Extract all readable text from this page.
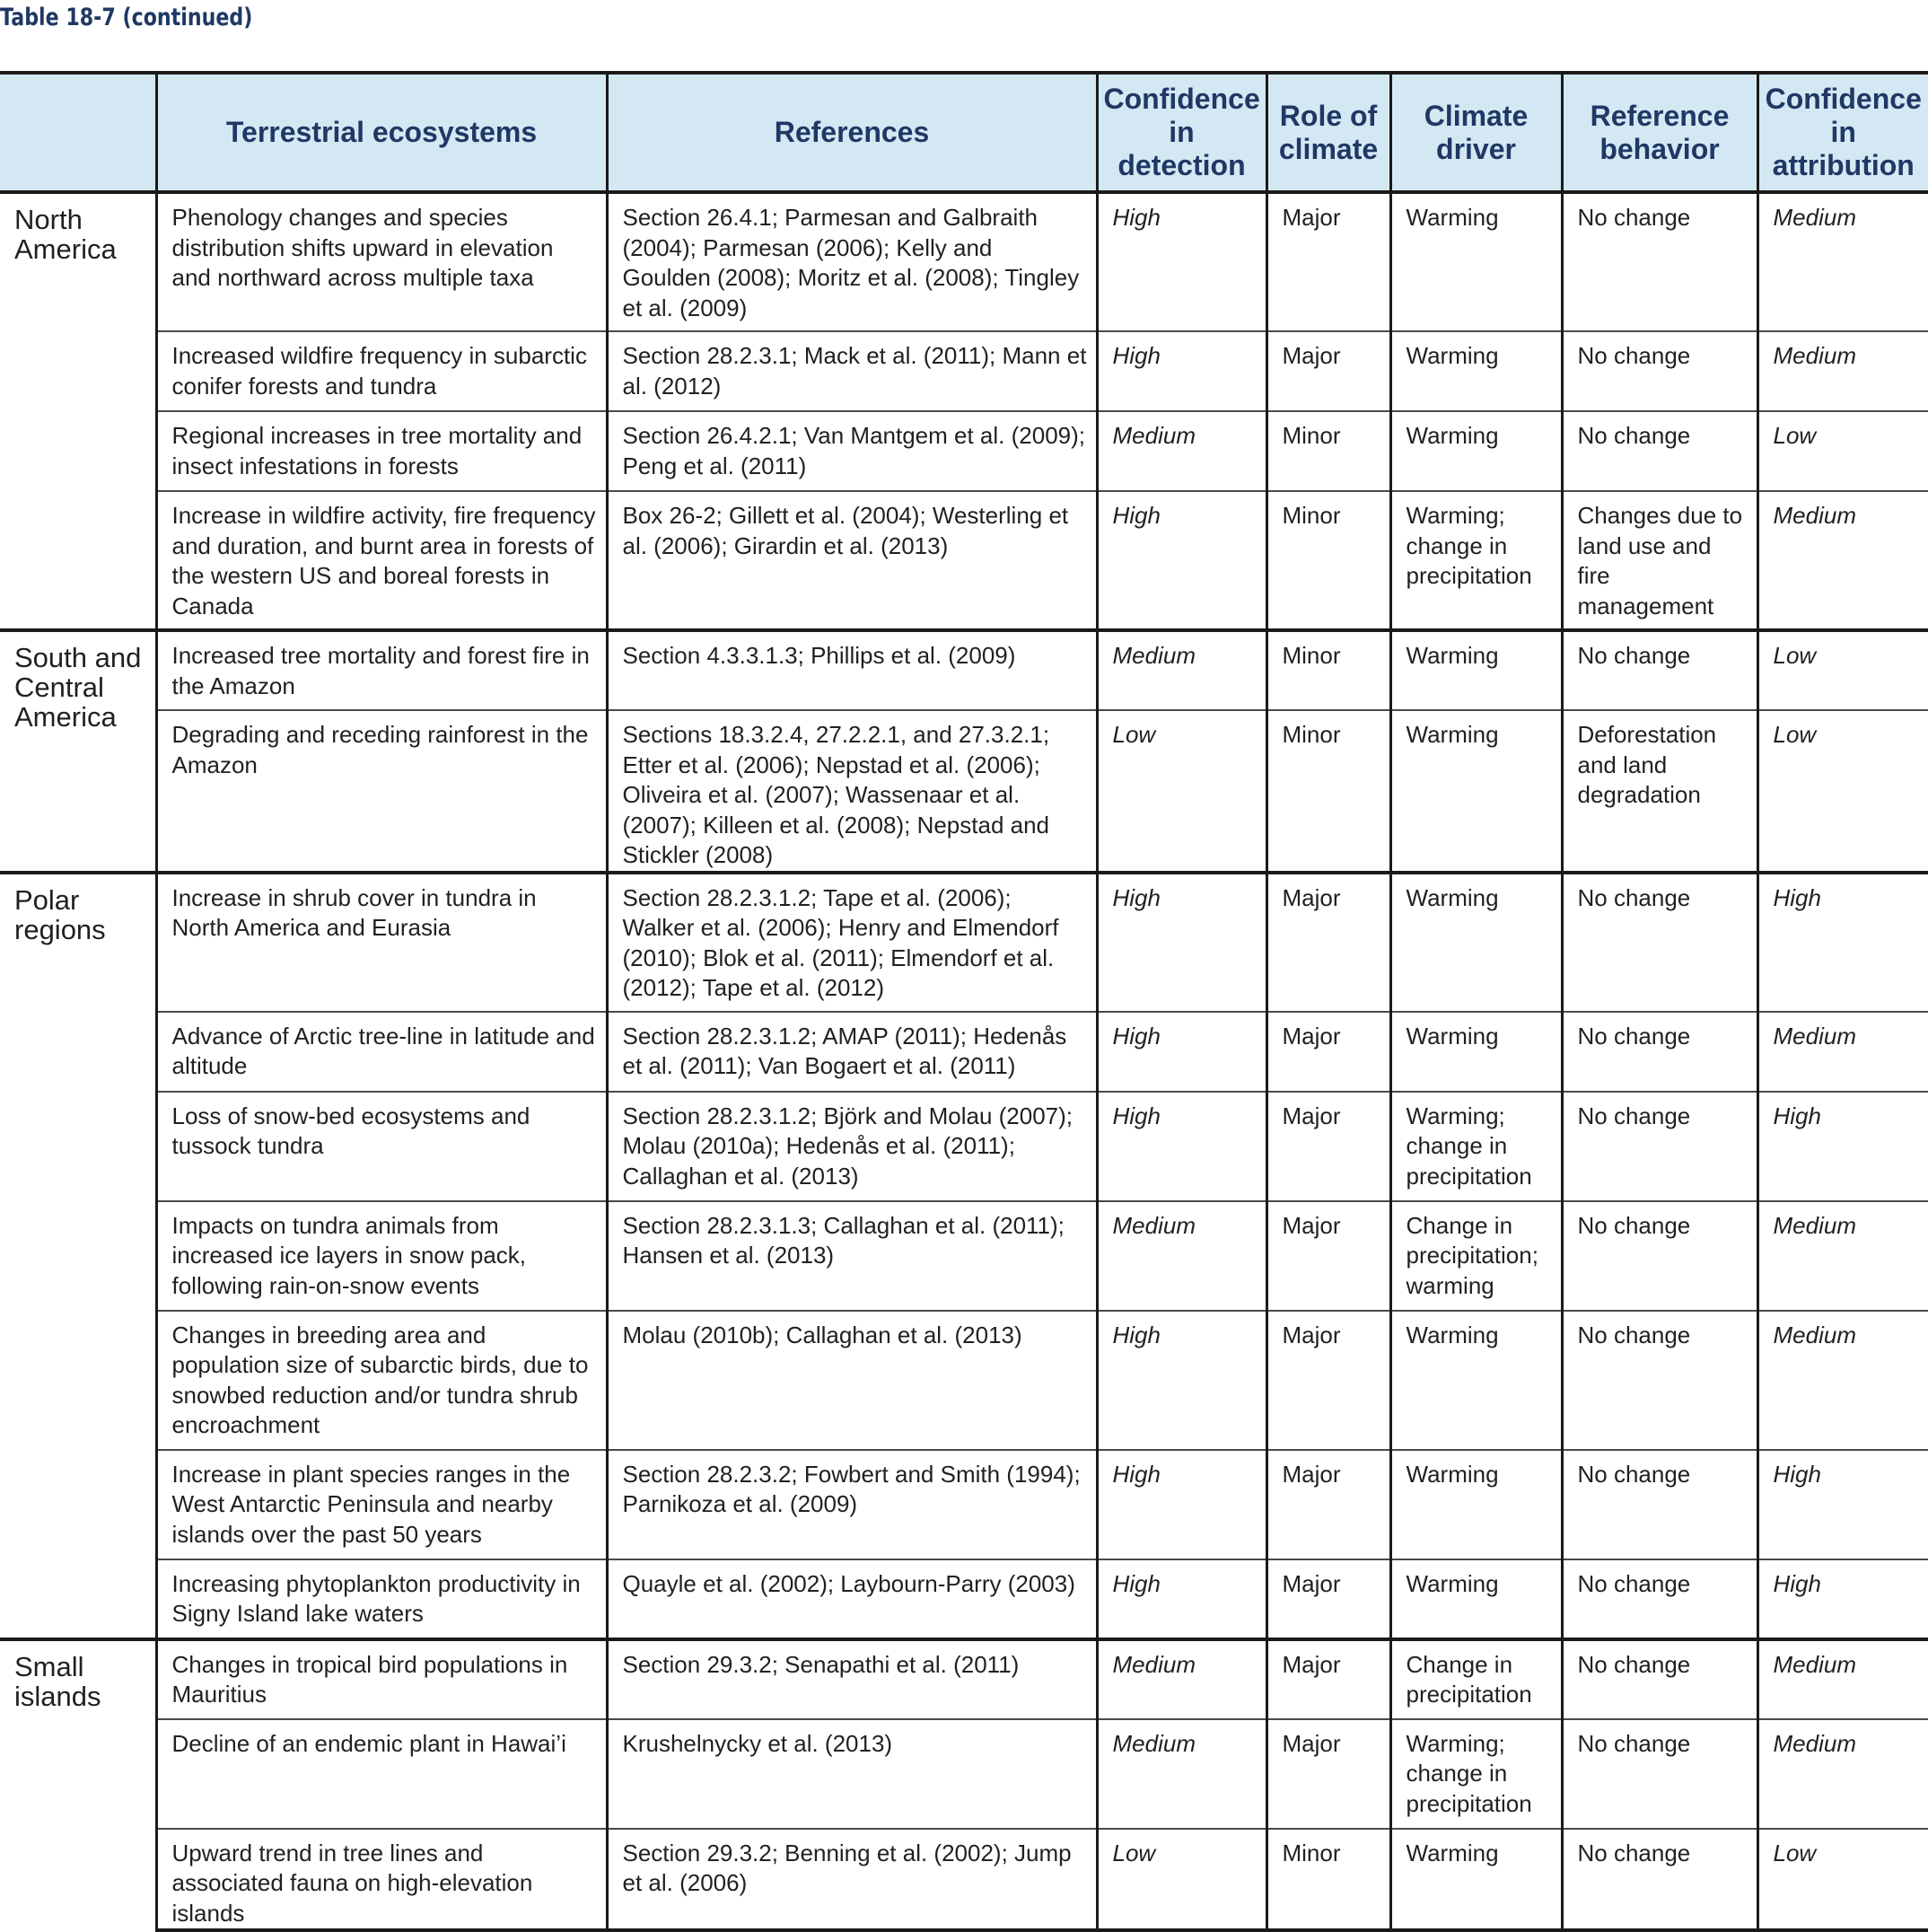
Table 18-7 (continued)
	Terrestrial ecosystems	References	Confidence in detection	Role of climate	Climate driver	Reference behavior	Confidence in attribution
North America	Phenology changes and species distribution shifts upward in elevation and northward across multiple taxa	Section 26.4.1; Parmesan and Galbraith (2004); Parmesan (2006); Kelly and Goulden (2008); Moritz et al. (2008); Tingley et al. (2009)	High	Major	Warming	No change	Medium
	Increased wildfire frequency in subarctic conifer forests and tundra	Section 28.2.3.1; Mack et al. (2011); Mann et al. (2012)	High	Major	Warming	No change	Medium
	Regional increases in tree mortality and insect infestations in forests	Section 26.4.2.1; Van Mantgem et al. (2009); Peng et al. (2011)	Medium	Minor	Warming	No change	Low
	Increase in wildfire activity, fire frequency and duration, and burnt area in forests of the western US and boreal forests in Canada	Box 26-2; Gillett et al. (2004); Westerling et al. (2006); Girardin et al. (2013)	High	Minor	Warming; change in precipitation	Changes due to land use and fire management	Medium
South and Central America	Increased tree mortality and forest fire in the Amazon	Section 4.3.3.1.3; Phillips et al. (2009)	Medium	Minor	Warming	No change	Low
	Degrading and receding rainforest in the Amazon	Sections 18.3.2.4, 27.2.2.1, and 27.3.2.1; Etter et al. (2006); Nepstad et al. (2006); Oliveira et al. (2007); Wassenaar et al. (2007); Killeen et al. (2008); Nepstad and Stickler (2008)	Low	Minor	Warming	Deforestation and land degradation	Low
Polar regions	Increase in shrub cover in tundra in North America and Eurasia	Section 28.2.3.1.2; Tape et al. (2006); Walker et al. (2006); Henry and Elmendorf (2010); Blok et al. (2011); Elmendorf et al. (2012); Tape et al. (2012)	High	Major	Warming	No change	High
	Advance of Arctic tree-line in latitude and altitude	Section 28.2.3.1.2; AMAP (2011); Hedenås et al. (2011); Van Bogaert et al. (2011)	High	Major	Warming	No change	Medium
	Loss of snow-bed ecosystems and tussock tundra	Section 28.2.3.1.2; Björk and Molau (2007); Molau (2010a); Hedenås et al. (2011); Callaghan et al. (2013)	High	Major	Warming; change in precipitation	No change	High
	Impacts on tundra animals from increased ice layers in snow pack, following rain-on-snow events	Section 28.2.3.1.3; Callaghan et al. (2011); Hansen et al. (2013)	Medium	Major	Change in precipitation; warming	No change	Medium
	Changes in breeding area and population size of subarctic birds, due to snowbed reduction and/or tundra shrub encroachment	Molau (2010b); Callaghan et al. (2013)	High	Major	Warming	No change	Medium
	Increase in plant species ranges in the West Antarctic Peninsula and nearby islands over the past 50 years	Section 28.2.3.2; Fowbert and Smith (1994); Parnikoza et al. (2009)	High	Major	Warming	No change	High
	Increasing phytoplankton productivity in Signy Island lake waters	Quayle et al. (2002); Laybourn-Parry (2003)	High	Major	Warming	No change	High
Small islands	Changes in tropical bird populations in Mauritius	Section 29.3.2; Senapathi et al. (2011)	Medium	Major	Change in precipitation	No change	Medium
	Decline of an endemic plant in Hawai’i	Krushelnycky et al. (2013)	Medium	Major	Warming; change in precipitation	No change	Medium
	Upward trend in tree lines and associated fauna on high-elevation islands	Section 29.3.2; Benning et al. (2002); Jump et al. (2006)	Low	Minor	Warming	No change	Low
